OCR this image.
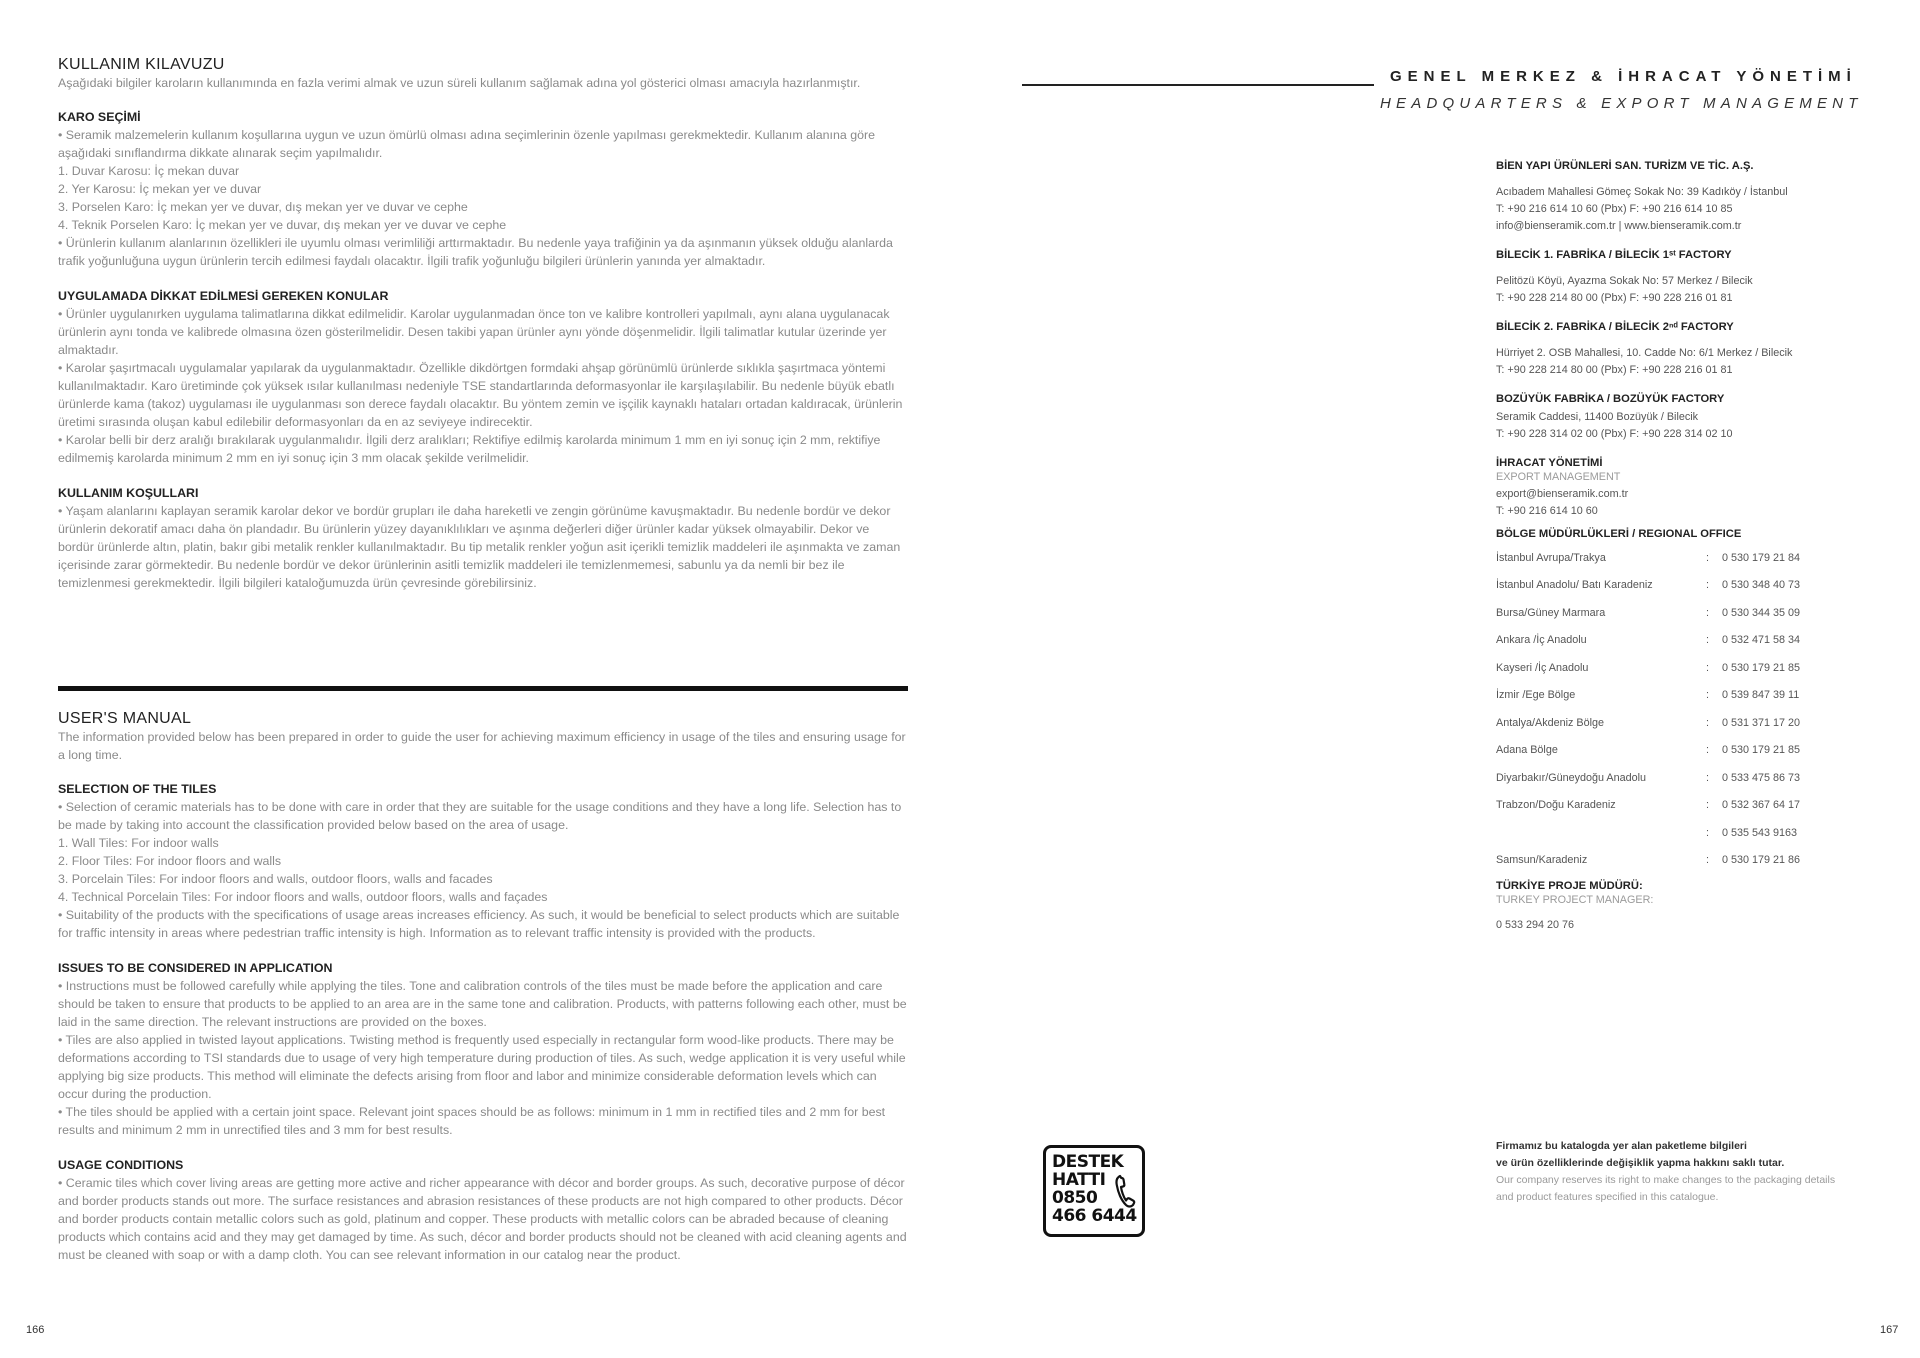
KULLANIM KILAVUZU

Aşağıdaki bilgiler karoların kullanımında en fazla verimi almak ve uzun süreli kullanım sağlamak adına yol gösterici olması amacıyla hazırlanmıştır.

KARO SEÇİMİ

• Seramik malzemelerin kullanım koşullarına uygun ve uzun ömürlü olması adına seçimlerinin özenle yapılması gerekmektedir. Kullanım alanına göre aşağıdaki sınıflandırma dikkate alınarak seçim yapılmalıdır.

1. Duvar Karosu: İç mekan duvar

2. Yer Karosu: İç mekan yer ve duvar

3. Porselen Karo: İç mekan yer ve duvar, dış mekan yer ve duvar ve cephe

4. Teknik Porselen Karo: İç mekan yer ve duvar, dış mekan yer ve duvar ve cephe

• Ürünlerin kullanım alanlarının özellikleri ile uyumlu olması verimliliği arttırmaktadır. Bu nedenle yaya trafiğinin ya da aşınmanın yüksek olduğu alanlarda trafik yoğunluğuna uygun ürünlerin tercih edilmesi faydalı olacaktır. İlgili trafik yoğunluğu bilgileri ürünlerin yanında yer almaktadır.

UYGULAMADA DİKKAT EDİLMESİ GEREKEN KONULAR

• Ürünler uygulanırken uygulama talimatlarına dikkat edilmelidir. Karolar uygulanmadan önce ton ve kalibre kontrolleri yapılmalı, aynı alana uygulanacak ürünlerin aynı tonda ve kalibrede olmasına özen gösterilmelidir. Desen takibi yapan ürünler aynı yönde döşenmelidir. İlgili talimatlar kutular üzerinde yer almaktadır.

• Karolar şaşırtmacalı uygulamalar yapılarak da uygulanmaktadır. Özellikle dikdörtgen formdaki ahşap görünümlü ürünlerde sıklıkla şaşırtmaca yöntemi kullanılmaktadır. Karo üretiminde çok yüksek ısılar kullanılması nedeniyle TSE standartlarında deformasyonlar ile karşılaşılabilir. Bu nedenle büyük ebatlı ürünlerde kama (takoz) uygulaması ile uygulanması son derece faydalı olacaktır. Bu yöntem zemin ve işçilik kaynaklı hataları ortadan kaldıracak, ürünlerin üretimi sırasında oluşan kabul edilebilir deformasyonları da en az seviyeye indirecektir.

• Karolar belli bir derz aralığı bırakılarak uygulanmalıdır. İlgili derz aralıkları; Rektifiye edilmiş karolarda minimum 1 mm en iyi sonuç için 2 mm, rektifiye edilmemiş karolarda minimum 2 mm en iyi sonuç için 3 mm olacak şekilde verilmelidir.

KULLANIM KOŞULLARI

• Yaşam alanlarını kaplayan seramik karolar dekor ve bordür grupları ile daha hareketli ve zengin görünüme kavuşmaktadır. Bu nedenle bordür ve dekor ürünlerin dekoratif amacı daha ön plandadır. Bu ürünlerin yüzey dayanıklılıkları ve aşınma değerleri diğer ürünler kadar yüksek olmayabilir. Dekor ve bordür ürünlerde altın, platin, bakır gibi metalik renkler kullanılmaktadır. Bu tip metalik renkler yoğun asit içerikli temizlik maddeleri ile aşınmakta ve zaman içerisinde zarar görmektedir. Bu nedenle bordür ve dekor ürünlerinin asitli temizlik maddeleri ile temizlenmemesi, sabunlu ya da nemli bir bez ile temizlenmesi gerekmektedir. İlgili bilgileri kataloğumuzda ürün çevresinde görebilirsiniz.

USER'S MANUAL

The information provided below has been prepared in order to guide the user for achieving maximum efficiency in usage of the tiles and ensuring usage for a long time.

SELECTION OF THE TILES

• Selection of ceramic materials has to be done with care in order that they are suitable for the usage conditions and they have a long life. Selection has to be made by taking into account the classification provided below based on the area of usage.

1. Wall Tiles: For indoor walls

2. Floor Tiles: For indoor floors and walls

3. Porcelain Tiles: For indoor floors and walls, outdoor floors, walls and facades

4. Technical Porcelain Tiles: For indoor floors and walls, outdoor floors, walls and façades

• Suitability of the products with the specifications of usage areas increases efficiency. As such, it would be beneficial to select products which are suitable for traffic intensity in areas where pedestrian traffic intensity is high. Information as to relevant traffic intensity is provided with the products.

ISSUES TO BE CONSIDERED IN APPLICATION

• Instructions must be followed carefully while applying the tiles. Tone and calibration controls of the tiles must be made before the application and care should be taken to ensure that products to be applied to an area are in the same tone and calibration. Products, with patterns following each other, must be laid in the same direction. The relevant instructions are provided on the boxes.

• Tiles are also applied in twisted layout applications. Twisting method is frequently used especially in rectangular form wood-like products. There may be deformations according to TSI standards due to usage of very high temperature during production of tiles. As such, wedge application it is very useful while applying big size products. This method will eliminate the defects arising from floor and labor and minimize considerable deformation levels which can occur during the production.

• The tiles should be applied with a certain joint space. Relevant joint spaces should be as follows: minimum in 1 mm in rectified tiles and 2 mm for best results and minimum 2 mm in unrectified tiles and 3 mm for best results.

USAGE CONDITIONS

• Ceramic tiles which cover living areas are getting more active and richer appearance with décor and border groups. As such, decorative purpose of décor and border products stands out more. The surface resistances and abrasion resistances of these products are not high compared to other products. Décor and border products contain metallic colors such as gold, platinum and copper. These products with metallic colors can be abraded because of cleaning products which contains acid and they may get damaged by time. As such, décor and border products should not be cleaned with acid cleaning agents and must be cleaned with soap or with a damp cloth. You can see relevant information in our catalog near the product.

166
GENEL MERKEZ & İHRACAT YÖNETİMİ
HEADQUARTERS & EXPORT MANAGEMENT

BİEN YAPI ÜRÜNLERİ SAN. TURİZM VE TİC. A.Ş.

Acıbadem Mahallesi Gömeç Sokak No: 39 Kadıköy / İstanbul

T: +90 216 614 10 60 (Pbx) F: +90 216 614 10 85

info@bienseramik.com.tr | www.bienseramik.com.tr

BİLECİK 1. FABRİKA / BİLECİK 1ˢᵗ FACTORY

Pelitözü Köyü, Ayazma Sokak No: 57 Merkez / Bilecik

T: +90 228 214 80 00 (Pbx) F: +90 228 216 01 81

BİLECİK 2. FABRİKA / BİLECİK 2ⁿᵈ FACTORY

Hürriyet 2. OSB Mahallesi, 10. Cadde No: 6/1 Merkez / Bilecik

T: +90 228 214 80 00 (Pbx) F: +90 228 216 01 81

BOZÜYÜK FABRİKA / BOZÜYÜK FACTORY

Seramik Caddesi, 11400 Bozüyük / Bilecik

T: +90 228 314 02 00 (Pbx) F: +90 228 314 02 10

İHRACAT YÖNETİMİ

EXPORT MANAGEMENT

export@bienseramik.com.tr

T: +90 216 614 10 60

BÖLGE MÜDÜRLÜKLERİ / REGIONAL OFFICE

İstanbul Avrupa/Trakya	:	0 530 179 21 84
İstanbul Anadolu/ Batı Karadeniz	:	0 530 348 40 73
Bursa/Güney Marmara	:	0 530 344 35 09
Ankara /İç Anadolu	:	0 532 471 58 34
Kayseri /İç Anadolu	:	0 530 179 21 85
İzmir /Ege Bölge	:	0 539 847 39 11
Antalya/Akdeniz Bölge	:	0 531 371 17 20
Adana Bölge	:	0 530 179 21 85
Diyarbakır/Güneydoğu Anadolu	:	0 533 475 86 73
Trabzon/Doğu Karadeniz	:	0 532 367 64 17
	:	0 535 543 9163
Samsun/Karadeniz	:	0 530 179 21 86

TÜRKİYE PROJE MÜDÜRÜ:

TURKEY PROJECT MANAGER:

0 533 294 20 76

DESTEK
HATTI
0850
466 6444

Firmamız bu katalogda yer alan paketleme bilgileri

ve ürün özelliklerinde değişiklik yapma hakkını saklı tutar.

Our company reserves its right to make changes to the packaging details

and product features specified in this catalogue.

167
